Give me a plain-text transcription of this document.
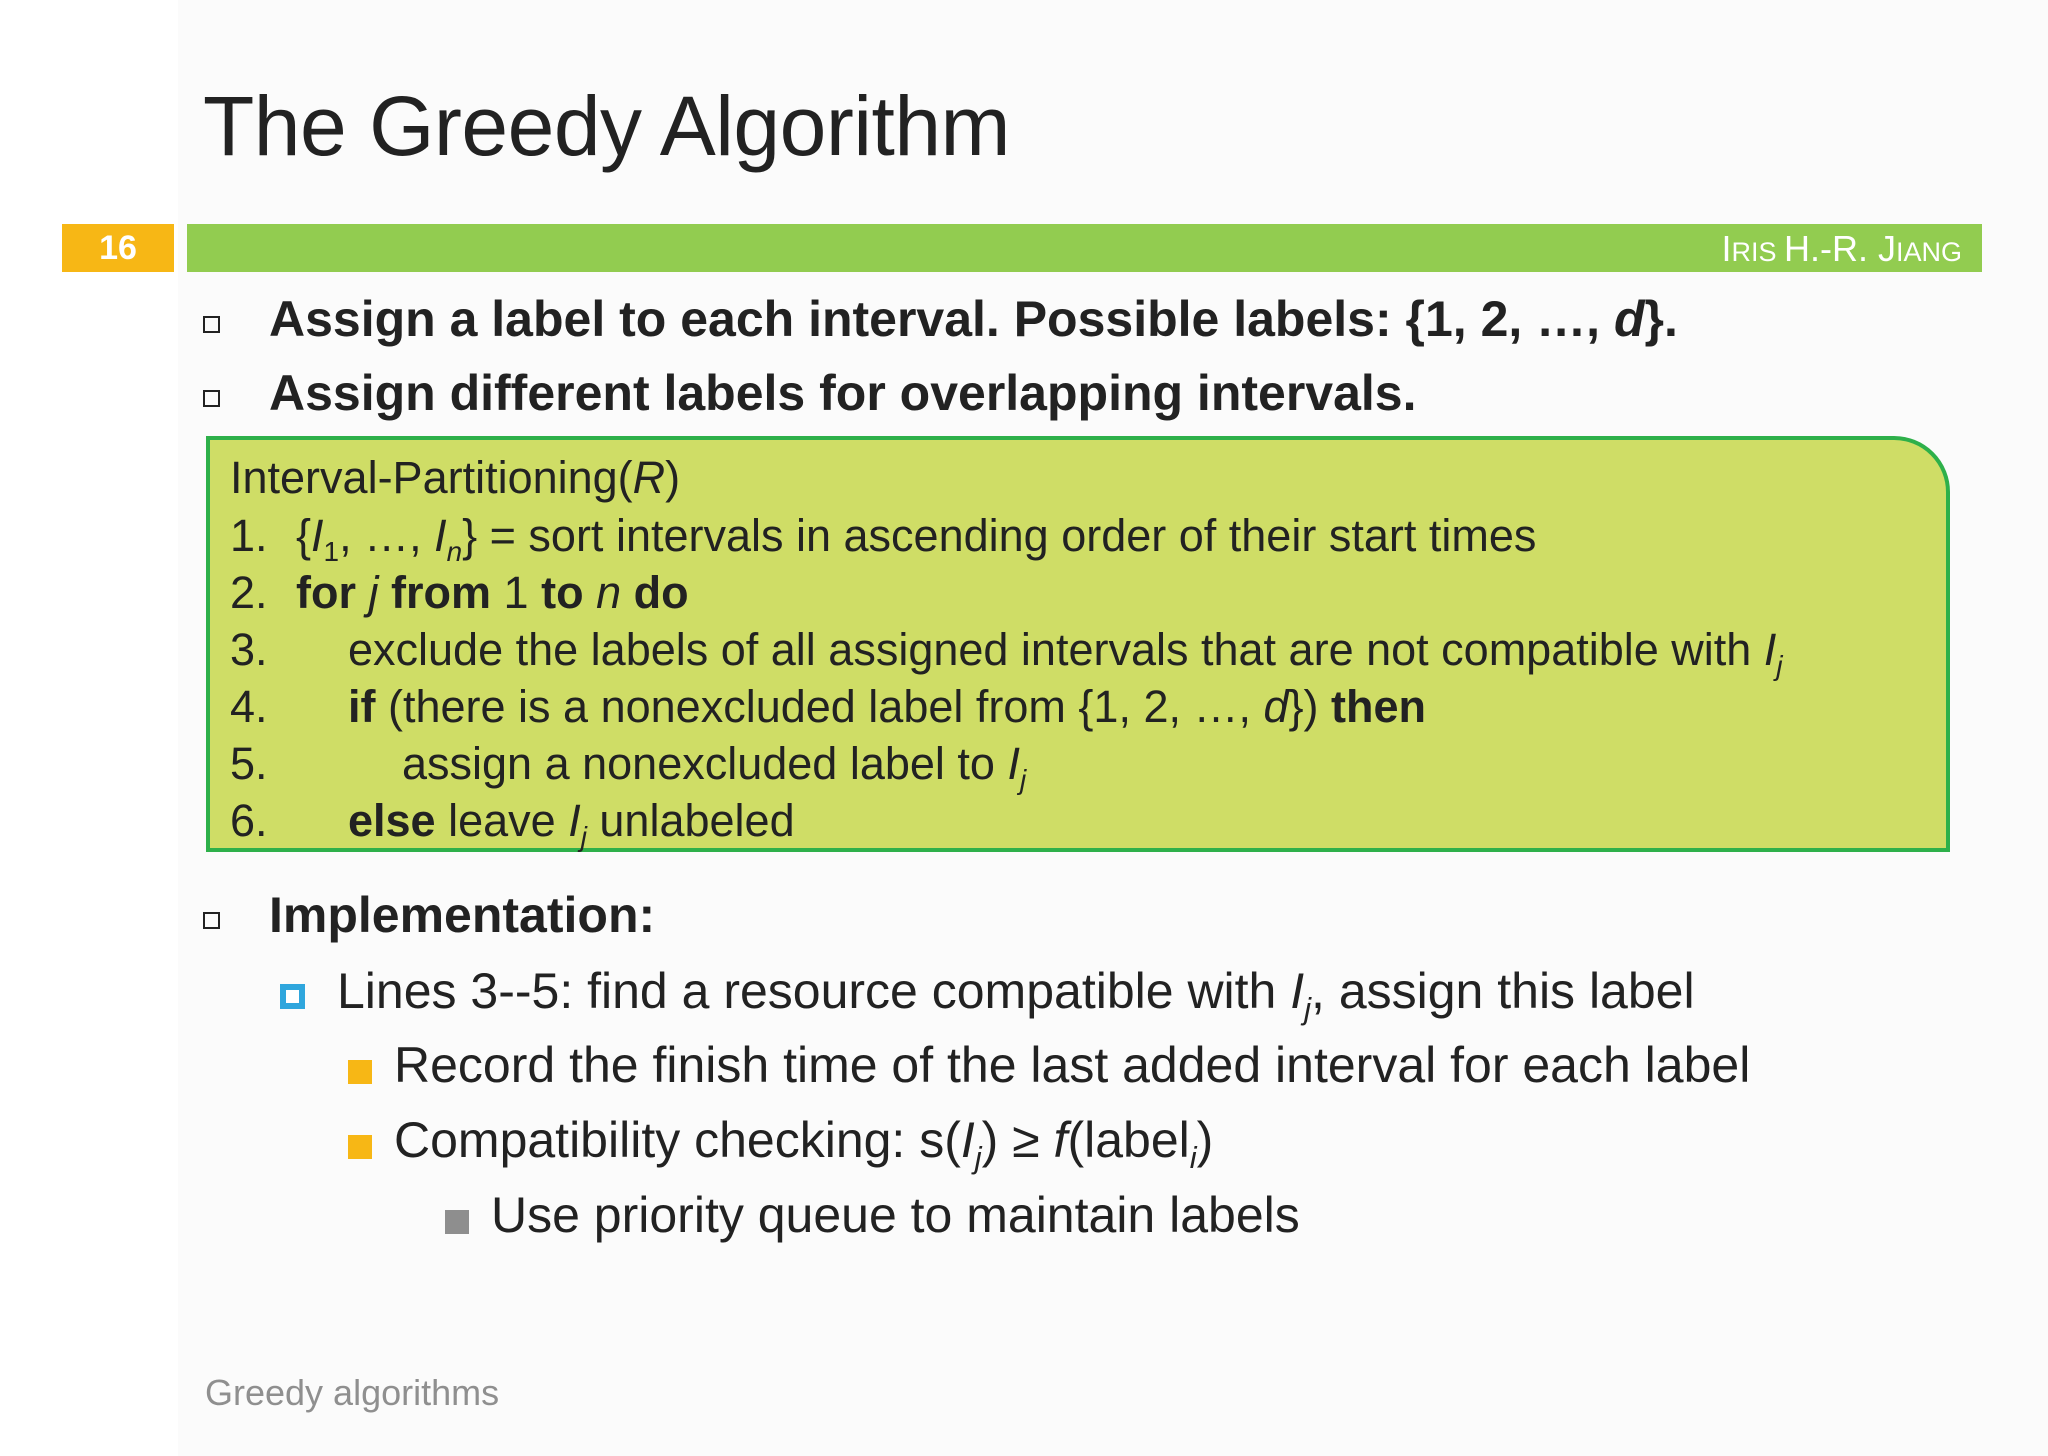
The Greedy Algorithm
16	IRIS H.-R. JIANG
Assign a label to each interval. Possible labels: {1, 2, …, d}.
Assign different labels for overlapping intervals.
Interval-Partitioning(R)
1. {$I_1$, …, $I_n$} = sort intervals in ascending order of their start times
2. for j from 1 to n do
3. exclude the labels of all assigned intervals that are not compatible with $I_j$
4. if (there is a nonexcluded label from {1, 2, …, d}) then
5.	assign a nonexcluded label to $I_j$
6. else leave $I_j$ unlabeled
Implementation:
Lines 3--5: find a resource compatible with $I_j$, assign this label
Record the finish time of the last added interval for each label
Compatibility checking: $s(I_j)$ ≥ f(label$_i$)
Use priority queue to maintain labels
Greedy algorithms
